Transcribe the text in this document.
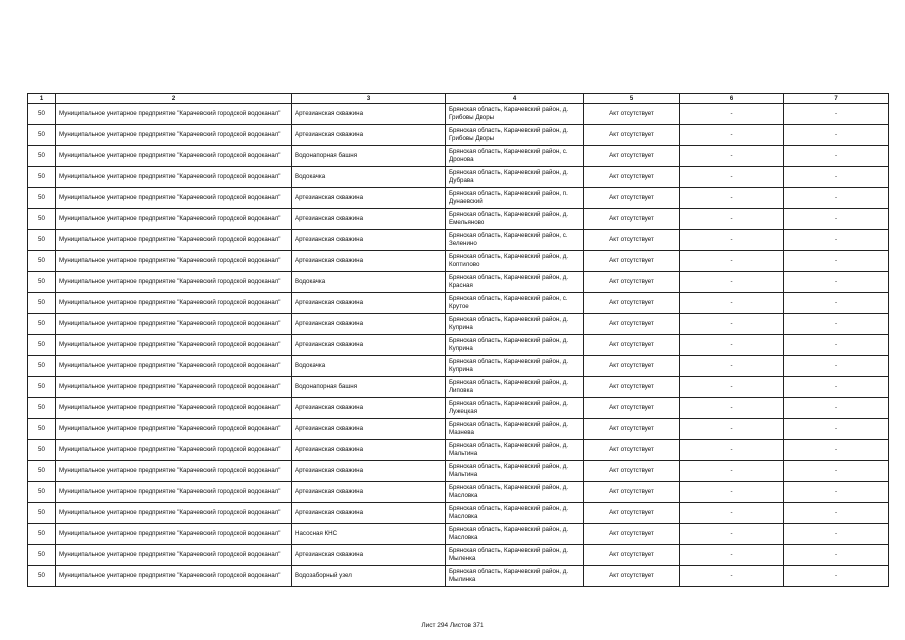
1	2	3	4	5	6	7
50	Муниципальное унитарное предприятие "Карачевский городской водоканал"	Артезианская скважина	Брянская область, Карачевский район, д. Грибовы Дворы	Акт отсутствует	-	-
50	Муниципальное унитарное предприятие "Карачевский городской водоканал"	Артезианская скважина	Брянская область, Карачевский район, д. Грибовы Дворы	Акт отсутствует	-	-
50	Муниципальное унитарное предприятие "Карачевский городской водоканал"	Водонапорная башня	Брянская область, Карачевский район, с. Дронова	Акт отсутствует	-	-
50	Муниципальное унитарное предприятие "Карачевский городской водоканал"	Водокачка	Брянская область, Карачевский район, д. Дубрава	Акт отсутствует	-	-
50	Муниципальное унитарное предприятие "Карачевский городской водоканал"	Артезианская скважина	Брянская область, Карачевский район, п. Дунаевский	Акт отсутствует	-	-
50	Муниципальное унитарное предприятие "Карачевский городской водоканал"	Артезианская скважина	Брянская область, Карачевский район, д. Емельяново	Акт отсутствует	-	-
50	Муниципальное унитарное предприятие "Карачевский городской водоканал"	Артезианская скважина	Брянская область, Карачевский район, с. Зеленино	Акт отсутствует	-	-
50	Муниципальное унитарное предприятие "Карачевский городской водоканал"	Артезианская скважина	Брянская область, Карачевский район, д. Коптилово	Акт отсутствует	-	-
50	Муниципальное унитарное предприятие "Карачевский городской водоканал"	Водокачка	Брянская область, Карачевский район, д. Красная	Акт отсутствует	-	-
50	Муниципальное унитарное предприятие "Карачевский городской водоканал"	Артезианская скважина	Брянская область, Карачевский район, с. Крутое	Акт отсутствует	-	-
50	Муниципальное унитарное предприятие "Карачевский городской водоканал"	Артезианская скважина	Брянская область, Карачевский район, д. Куприна	Акт отсутствует	-	-
50	Муниципальное унитарное предприятие "Карачевский городской водоканал"	Артезианская скважина	Брянская область, Карачевский район, д. Куприна	Акт отсутствует	-	-
50	Муниципальное унитарное предприятие "Карачевский городской водоканал"	Водокачка	Брянская область, Карачевский район, д. Куприна	Акт отсутствует	-	-
50	Муниципальное унитарное предприятие "Карачевский городской водоканал"	Водонапорная башня	Брянская область, Карачевский район, д. Липовка	Акт отсутствует	-	-
50	Муниципальное унитарное предприятие "Карачевский городской водоканал"	Артезианская скважина	Брянская область, Карачевский район, д. Лужецкая	Акт отсутствует	-	-
50	Муниципальное унитарное предприятие "Карачевский городской водоканал"	Артезианская скважина	Брянская область, Карачевский район, д. Мазнева	Акт отсутствует	-	-
50	Муниципальное унитарное предприятие "Карачевский городской водоканал"	Артезианская скважина	Брянская область, Карачевский район, д. Мальтина	Акт отсутствует	-	-
50	Муниципальное унитарное предприятие "Карачевский городской водоканал"	Артезианская скважина	Брянская область, Карачевский район, д. Мальтина	Акт отсутствует	-	-
50	Муниципальное унитарное предприятие "Карачевский городской водоканал"	Артезианская скважина	Брянская область, Карачевский район, д. Масловка	Акт отсутствует	-	-
50	Муниципальное унитарное предприятие "Карачевский городской водоканал"	Артезианская скважина	Брянская область, Карачевский район, д. Масловка	Акт отсутствует	-	-
50	Муниципальное унитарное предприятие "Карачевский городской водоканал"	Насосная КНС	Брянская область, Карачевский район, д. Масловка	Акт отсутствует	-	-
50	Муниципальное унитарное предприятие "Карачевский городской водоканал"	Артезианская скважина	Брянская область, Карачевский район, д. Мыленка	Акт отсутствует	-	-
50	Муниципальное унитарное предприятие "Карачевский городской водоканал"	Водозаборный узел	Брянская область, Карачевский район, д. Мылинка	Акт отсутствует	-	-
Лист 294 Листов 371
